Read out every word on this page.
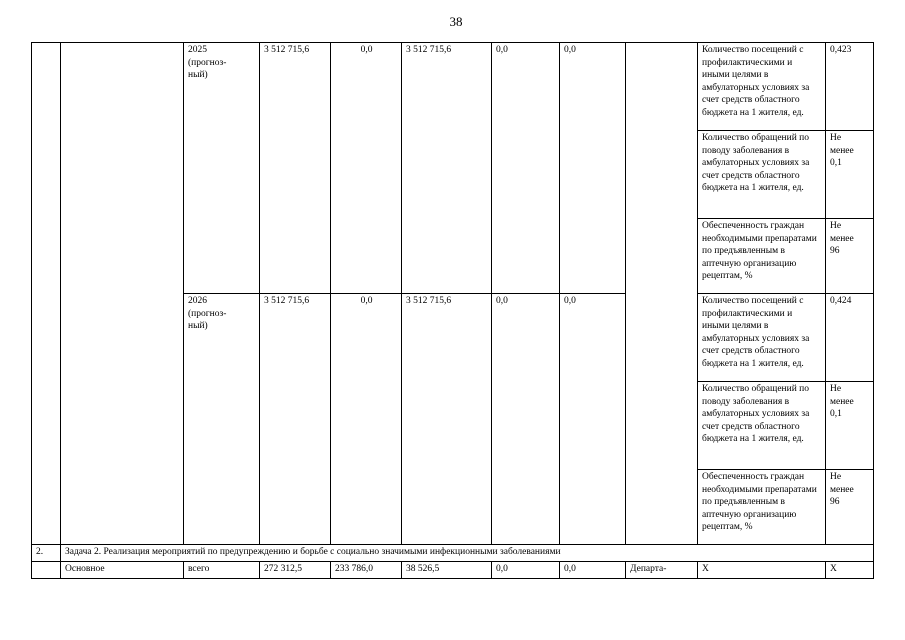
38
		2025
(прогноз-
ный)	3 512 715,6	0,0	3 512 715,6	0,0	0,0		Количество посещений с профилактическими и иными целями в амбулаторных условиях за счет средств областного бюджета на 1 жителя, ед.	0,423
									Количество обращений по поводу заболевания в амбулаторных условиях за счет средств областного бюджета на 1 жителя, ед.	Не
менее
0,1
									Обеспеченность граждан необходимыми препаратами по предъявленным в аптечную организацию рецептам, %	Не
менее
96
		2026
(прогноз-
ный)	3 512 715,6	0,0	3 512 715,6	0,0	0,0		Количество посещений с профилактическими и иными целями в амбулаторных условиях за счет средств областного бюджета на 1 жителя, ед.	0,424
									Количество обращений по поводу заболевания в амбулаторных условиях за счет средств областного бюджета на 1 жителя, ед.	Не
менее
0,1
									Обеспеченность граждан необходимыми препаратами по предъявленным в аптечную организацию рецептам, %	Не
менее
96
2.	Задача 2. Реализация мероприятий по предупреждению и борьбе с социально значимыми инфекционными заболеваниями									
	Основное	всего	272 312,5	233 786,0	38 526,5	0,0	0,0	Департа-	Х	Х
